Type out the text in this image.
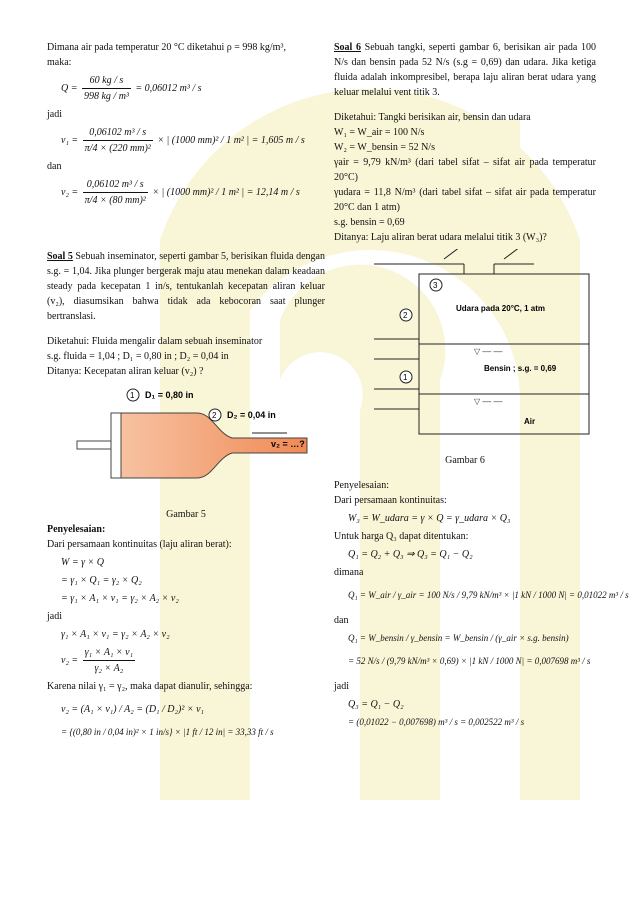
Dimana air pada temperatur 20 °C diketahui ρ = 998 kg/m³,

maka:

$Q = \frac{60 kg / s}{\text{998 kg / m³}} = 0,06012$ m³ / s

jadi

$v_1 = \frac{\text{0,06102 m³ / s}}{\text{π/4 × (220 mm)²}}$ × | (1000 mm)² / 1 m² | = 1,605 m / s

dan

$v_2 = \frac{\text{0,06102 m³ / s}}{\text{π/4 × (80 mm)²}}$ × | (1000 mm)² / 1 m² | = 12,14 m / s

Soal 5 Sebuah inseminator, seperti gambar 5, berisikan fluida dengan s.g. = 1,04. Jika plunger bergerak maju atau menekan dalam keadaan steady pada kecepatan 1 in/s, tentukanlah kecepatan aliran keluar (v₂), diasumsikan bahwa tidak ada kebocoran saat plunger bertranslasi.

Diketahui: Fluida mengalir dalam sebuah inseminator

s.g. fluida = 1,04 ; D₁ = 0,80 in ; D₂ = 0,04 in

Ditanya: Kecepatan aliran keluar (v₂) ?

1 D₁ = 0,80 in
2 D₂ = 0,04 in
v₂ = …?

Gambar 5

Penyelesaian:

Dari persamaan kontinuitas (laju aliran berat):

W = γ × Q
= γ₁ × Q₁ = γ₂ × Q₂
= γ₁ × A₁ × v₁ = γ₂ × A₂ × v₂

jadi

γ₁ × A₁ × v₁ = γ₂ × A₂ × v₂
$v_2 = \frac{\text{γ₁ × A₁ × v₁}}{\text{γ₂ × A₂}}$

Karena nilai γ₁ = γ₂, maka dapat dianulir, sehingga:

v₂ = (A₁ × v₁) / A₂ = (D₁ / D₂)² × v₁
= {(0,80 in / 0,04 in)² × 1 in/s} × |1 ft / 12 in| = 33,33 ft / s

Soal 6 Sebuah tangki, seperti gambar 6, berisikan air pada 100 N/s dan bensin pada 52 N/s (s.g = 0,69) dan udara. Jika ketiga fluida adalah inkompresibel, berapa laju aliran berat udara yang keluar melalui vent titik 3.

Diketahui: Tangki berisikan air, bensin dan udara

W₁ = W_air = 100 N/s

W₂ = W_bensin = 52 N/s

γair = 9,79 kN/m³ (dari tabel sifat – sifat air pada temperatur 20°C)

γudara = 11,8 N/m³ (dari tabel sifat – sifat air pada temperatur 20°C dan 1 atm)

s.g. bensin = 0,69

Ditanya: Laju aliran berat udara melalui titik 3 (W₃)?

3
2
1
Udara pada 20°C, 1 atm
Bensin ; s.g. = 0,69
Air
▽ ‒‒ ‒‒
▽ ‒‒ ‒‒

Gambar 6

Penyelesaian:

Dari persamaan kontinuitas:

W₃ = W_udara = γ × Q = γ_udara × Q₃

Untuk harga Q₃ dapat ditentukan:

Q₁ = Q₂ + Q₃ ⇒ Q₃ = Q₁ − Q₂

dimana

Q₁ = W_air / γ_air = 100 N/s / 9,79 kN/m³ × |1 kN / 1000 N| = 0,01022 m³ / s

dan

Q₁ = W_bensin / γ_bensin = W_bensin / (γ_air × s.g. bensin)
= 52 N/s / (9,79 kN/m³ × 0,69) × |1 kN / 1000 N| = 0,007698 m³ / s

jadi

Q₃ = Q₁ − Q₂
= (0,01022 − 0,007698) m³ / s = 0,002522 m³ / s
